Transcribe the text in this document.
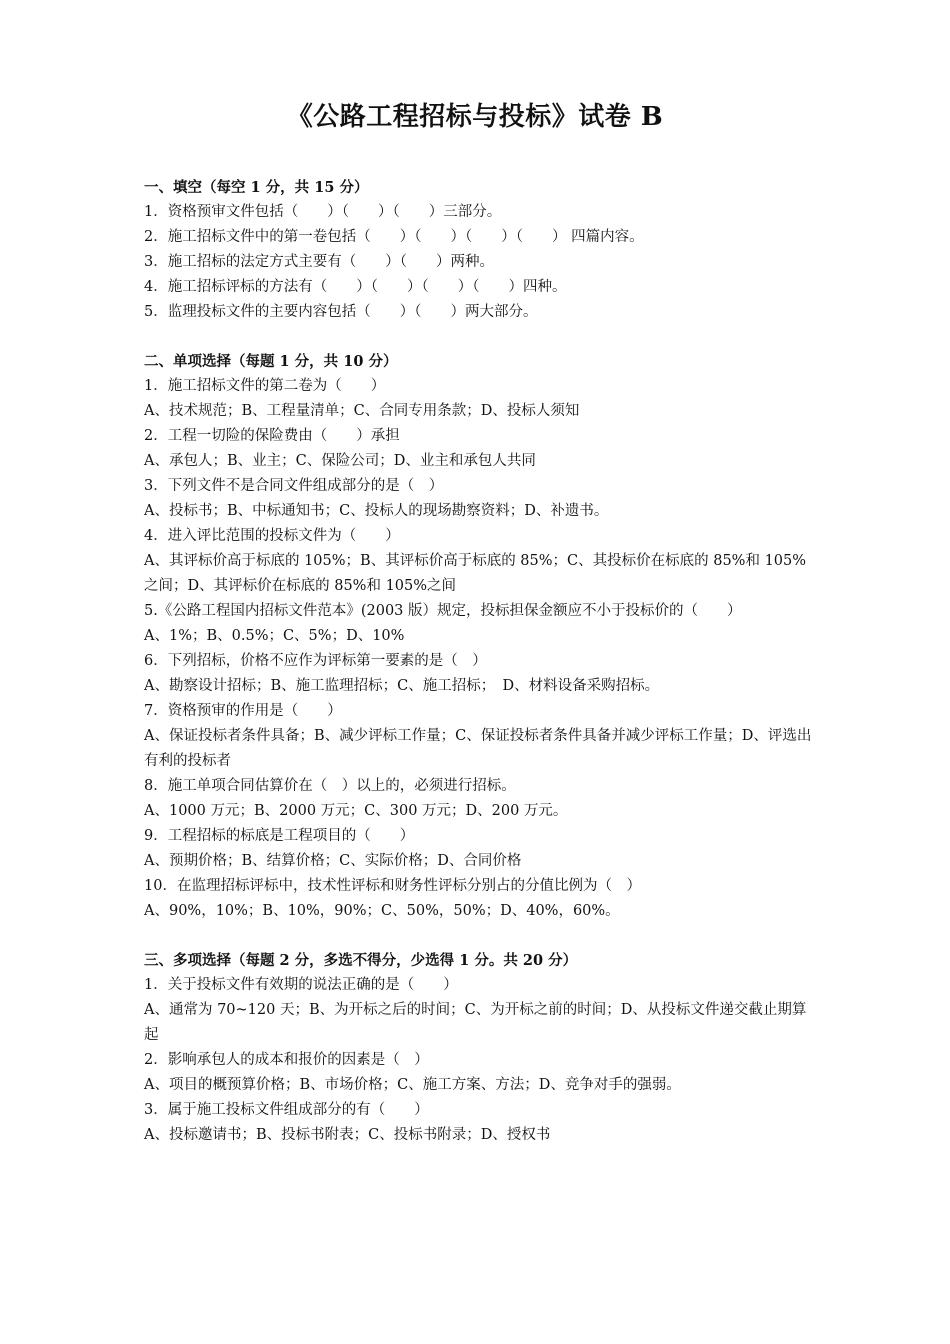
《公路工程招标与投标》试卷 B
一、填空（每空 1 分，共 15 分）
1．资格预审文件包括（　　）（　　）（　　）三部分。
2．施工招标文件中的第一卷包括（　　）（　　）（　　）（　　） 四篇内容。
3．施工招标的法定方式主要有（　　）（　　）两种。
4．施工招标评标的方法有（　　）（　　）（　　）（　　）四种。
5．监理投标文件的主要内容包括（　　）（　　）两大部分。
二、单项选择（每题 1 分，共 10 分）
1．施工招标文件的第二卷为（　　）
A、技术规范；B、工程量清单；C、合同专用条款；D、投标人须知
2．工程一切险的保险费由（　　）承担
A、承包人；B、业主；C、保险公司；D、业主和承包人共同
3．下列文件不是合同文件组成部分的是（　）
A、投标书；B、中标通知书；C、投标人的现场勘察资料；D、补遗书。
4．进入评比范围的投标文件为（　　）
A、其评标价高于标底的 105%；B、其评标价高于标底的 85%；C、其投标价在标底的 85%和 105%之间；D、其评标价在标底的 85%和 105%之间
5.《公路工程国内招标文件范本》(2003 版）规定，投标担保金额应不小于投标价的（　　）
A、1%；B、0.5%；C、5%；D、10%
6．下列招标，价格不应作为评标第一要素的是（　）
A、勘察设计招标；B、施工监理招标；C、施工招标；　D、材料设备采购招标。
7．资格预审的作用是（　　）
A、保证投标者条件具备；B、减少评标工作量；C、保证投标者条件具备并减少评标工作量；D、评选出有利的投标者
8．施工单项合同估算价在（　）以上的，必须进行招标。
A、1000 万元；B、2000 万元；C、300 万元；D、200 万元。
9．工程招标的标底是工程项目的（　　）
A、预期价格；B、结算价格；C、实际价格；D、合同价格
10．在监理招标评标中，技术性评标和财务性评标分别占的分值比例为（　）
A、90%，10%；B、10%，90%；C、50%，50%；D、40%，60%。
三、多项选择（每题 2 分，多选不得分，少选得 1 分。共 20 分）
1．关于投标文件有效期的说法正确的是（　　）
A、通常为 70~120 天；B、为开标之后的时间；C、为开标之前的时间；D、从投标文件递交截止期算起
2．影响承包人的成本和报价的因素是（　）
A、项目的概预算价格；B、市场价格；C、施工方案、方法；D、竞争对手的强弱。
3．属于施工投标文件组成部分的有（　　）
A、投标邀请书；B、投标书附表；C、投标书附录；D、授权书
